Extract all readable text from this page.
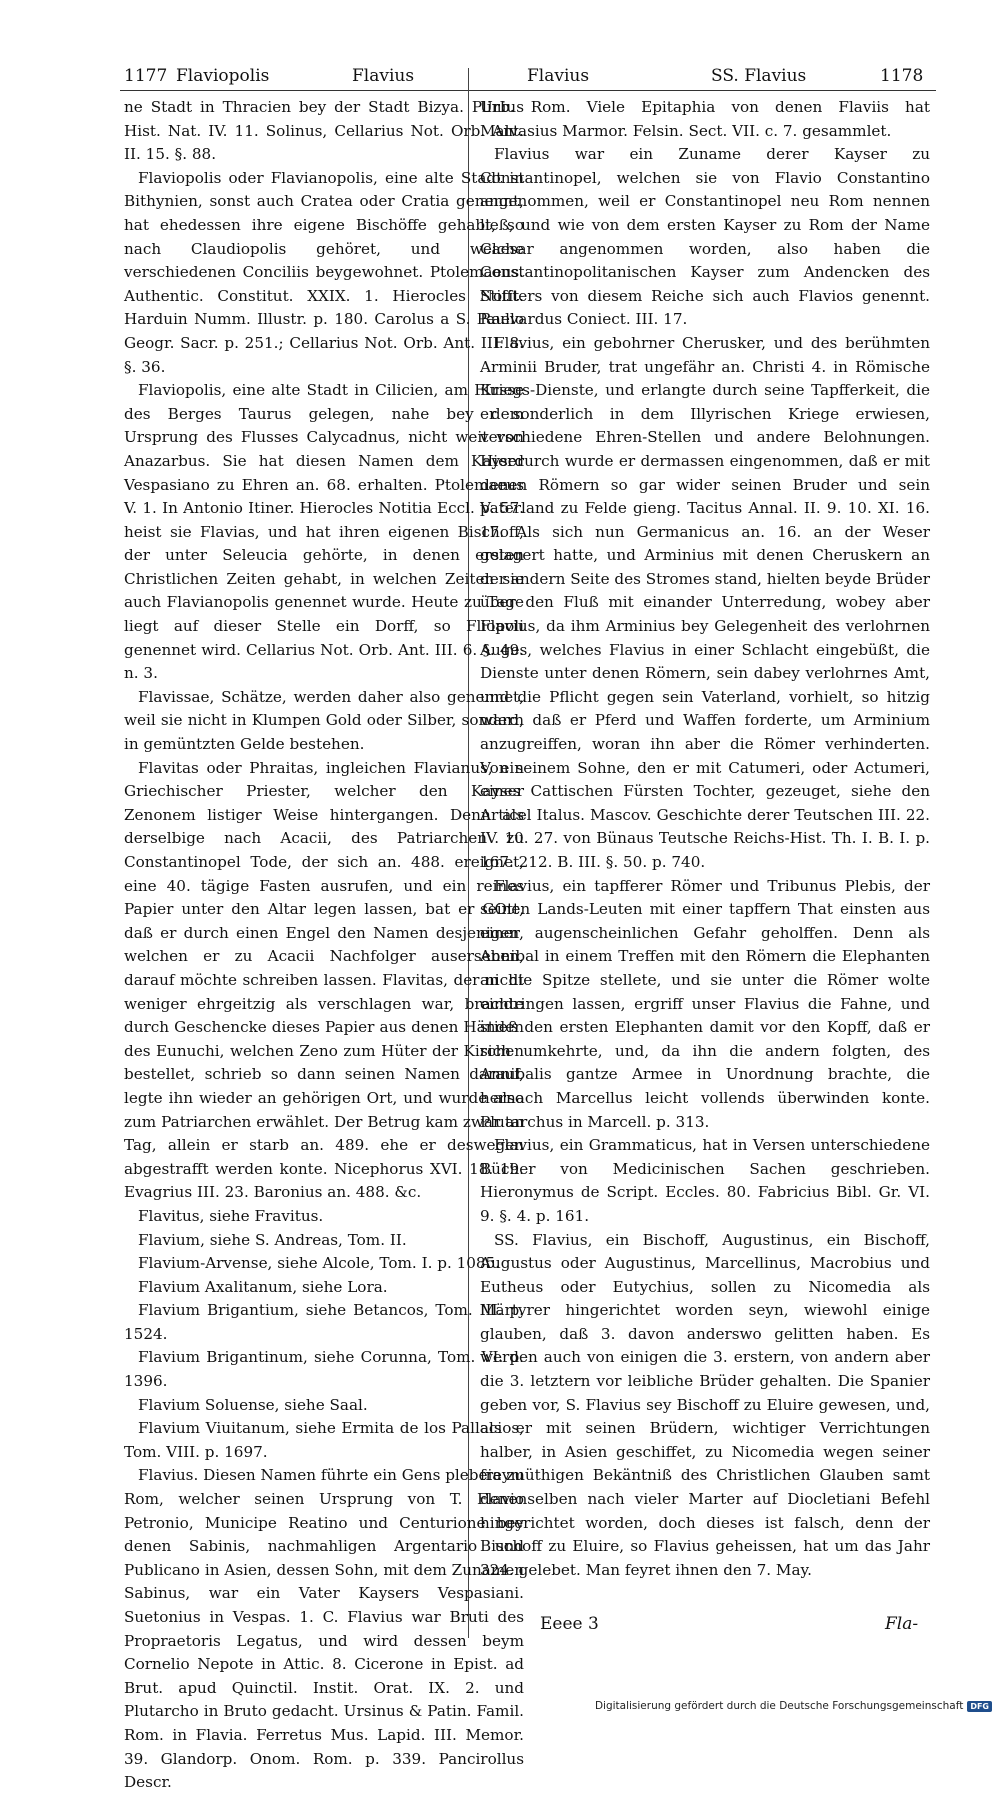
1177 Flaviopolis	Flavius	Flavius	SS. Flavius	1178

ne Stadt in Thracien bey der Stadt Bizya. Plinius Hist. Nat. IV. 11. Solinus, Cellarius Not. Orb. Ant. II. 15. §. 88.

Flaviopolis oder Flavianopolis, eine alte Stadt in Bithynien, sonst auch Cratea oder Cratia genennt, hat ehedessen ihre eigene Bischöffe gehabt, so nach Claudiopolis gehöret, und welche verschiedenen Conciliis beygewohnet. Ptolemaeus. Authentic. Constitut. XXIX. 1. Hierocles Notit. Harduin Numm. Illustr. p. 180. Carolus a S. Paullo Geogr. Sacr. p. 251.; Cellarius Not. Orb. Ant. III. 8. §. 36.

Flaviopolis, eine alte Stadt in Cilicien, am Flusse des Berges Taurus gelegen, nahe bey dem Ursprung des Flusses Calycadnus, nicht weit von Anazarbus. Sie hat diesen Namen dem Kayser Vespasiano zu Ehren an. 68. erhalten. Ptolemaeus V. 1. In Antonio Itiner. Hierocles Notitia Eccl. p. 57. heist sie Flavias, und hat ihren eigenen Bischoff, der unter Seleucia gehörte, in denen ersten Christlichen Zeiten gehabt, in welchen Zeiten sie auch Flavianopolis genennet wurde. Heute zu Tage liegt auf dieser Stelle ein Dorff, so Fliopoli genennet wird. Cellarius Not. Orb. Ant. III. 6. §. 49. n. 3.

Flavissae, Schätze, werden daher also genennet, weil sie nicht in Klumpen Gold oder Silber, sondern in gemüntzten Gelde bestehen.

Flavitas oder Phraitas, ingleichen Flavianus, ein Griechischer Priester, welcher den Kayser Zenonem listiger Weise hintergangen. Denn als derselbige nach Acacii, des Patriarchen zu Constantinopel Tode, der sich an. 488. ereignet, eine 40. tägige Fasten ausrufen, und ein reines Papier unter den Altar legen lassen, bat er GOtt, daß er durch einen Engel den Namen desjenigen, welchen er zu Acacii Nachfolger auserseben, darauf möchte schreiben lassen. Flavitas, der nicht weniger ehrgeitzig als verschlagen war, brachte durch Geschencke dieses Papier aus denen Händen des Eunuchi, welchen Zeno zum Hüter der Kirchen bestellet, schrieb so dann seinen Namen darauf, legte ihn wieder an gehörigen Ort, und wurde also zum Patriarchen erwählet. Der Betrug kam zwar an Tag, allein er starb an. 489. ehe er deswegen abgestrafft werden konte. Nicephorus XVI. 18. 19. Evagrius III. 23. Baronius an. 488. &c.

Flavitus, siehe Fravitus.

Flavium, siehe S. Andreas, Tom. II.

Flavium-Arvense, siehe Alcole, Tom. I. p. 1085.

Flavium Axalitanum, siehe Lora.

Flavium Brigantium, siehe Betancos, Tom. III. p. 1524.

Flavium Brigantinum, siehe Corunna, Tom. VI. p. 1396.

Flavium Soluense, siehe Saal.

Flavium Viuitanum, siehe Ermita de los Pallacios, Tom. VIII. p. 1697.

Flavius. Diesen Namen führte ein Gens plebeia zu Rom, welcher seinen Ursprung von T. Flavio Petronio, Municipe Reatino und Centurione bey denen Sabinis, nachmahligen Argentario und Publicano in Asien, dessen Sohn, mit dem Zunamen Sabinus, war ein Vater Kaysers Vespasiani. Suetonius in Vespas. 1. C. Flavius war Bruti des Propraetoris Legatus, und wird dessen beym Cornelio Nepote in Attic. 8. Cicerone in Epist. ad Brut. apud Quinctil. Instit. Orat. IX. 2. und Plutarcho in Bruto gedacht. Ursinus & Patin. Famil. Rom. in Flavia. Ferretus Mus. Lapid. III. Memor. 39. Glandorp. Onom. Rom. p. 339. Pancirollus Descr.

Urb. Rom. Viele Epitaphia von denen Flaviis hat Malvasius Marmor. Felsin. Sect. VII. c. 7. gesammlet.

Flavius war ein Zuname derer Kayser zu Constantinopel, welchen sie von Flavio Constantino angenommen, weil er Constantinopel neu Rom nennen ließ, und wie von dem ersten Kayser zu Rom der Name Caesar angenommen worden, also haben die Constantinopolitanischen Kayser zum Andencken des Stiffters von diesem Reiche sich auch Flavios genennt. Raevardus Coniect. III. 17.

Flavius, ein gebohrner Cherusker, und des berühmten Arminii Bruder, trat ungefähr an. Christi 4. in Römische Kriegs-Dienste, und erlangte durch seine Tapfferkeit, die er sonderlich in dem Illyrischen Kriege erwiesen, verschiedene Ehren-Stellen und andere Belohnungen. Hierdurch wurde er dermassen eingenommen, daß er mit denen Römern so gar wider seinen Bruder und sein Vaterland zu Felde gieng. Tacitus Annal. II. 9. 10. XI. 16. 17. Als sich nun Germanicus an. 16. an der Weser gelagert hatte, und Arminius mit denen Cheruskern an der andern Seite des Stromes stand, hielten beyde Brüder über den Fluß mit einander Unterredung, wobey aber Flavius, da ihm Arminius bey Gelegenheit des verlohrnen Auges, welches Flavius in einer Schlacht eingebüßt, die Dienste unter denen Römern, sein dabey verlohrnes Amt, und die Pflicht gegen sein Vaterland, vorhielt, so hitzig ward, daß er Pferd und Waffen forderte, um Arminium anzugreiffen, woran ihn aber die Römer verhinderten. Von seinem Sohne, den er mit Catumeri, oder Actumeri, eines Cattischen Fürsten Tochter, gezeuget, siehe den Articel Italus. Mascov. Geschichte derer Teutschen III. 22. IV. 10. 27. von Bünaus Teutsche Reichs-Hist. Th. I. B. I. p. 167. 212. B. III. §. 50. p. 740.

Flavius, ein tapfferer Römer und Tribunus Plebis, der seinen Lands-Leuten mit einer tapffern That einsten aus einer augenscheinlichen Gefahr geholffen. Denn als Annibal in einem Treffen mit den Römern die Elephanten an die Spitze stellete, und sie unter die Römer wolte eindringen lassen, ergriff unser Flavius die Fahne, und stieß den ersten Elephanten damit vor den Kopff, daß er sich umkehrte, und, da ihn die andern folgten, des Annibalis gantze Armee in Unordnung brachte, die hernach Marcellus leicht vollends überwinden konte. Plutarchus in Marcell. p. 313.

Flavius, ein Grammaticus, hat in Versen unterschiedene Bücher von Medicinischen Sachen geschrieben. Hieronymus de Script. Eccles. 80. Fabricius Bibl. Gr. VI. 9. §. 4. p. 161.

SS. Flavius, ein Bischoff, Augustinus, ein Bischoff, Augustus oder Augustinus, Marcellinus, Macrobius und Eutheus oder Eutychius, sollen zu Nicomedia als Märtyrer hingerichtet worden seyn, wiewohl einige glauben, daß 3. davon anderswo gelitten haben. Es werden auch von einigen die 3. erstern, von andern aber die 3. letztern vor leibliche Brüder gehalten. Die Spanier geben vor, S. Flavius sey Bischoff zu Eluire gewesen, und, als er mit seinen Brüdern, wichtiger Verrichtungen halber, in Asien geschiffet, zu Nicomedia wegen seiner freymüthigen Bekäntniß des Christlichen Glauben samt denenselben nach vieler Marter auf Diocletiani Befehl hingerichtet worden, doch dieses ist falsch, denn der Bischoff zu Eluire, so Flavius geheissen, hat um das Jahr 324. gelebet. Man feyret ihnen den 7. May.

Eeee 3	Fla-
Digitalisierung gefördert durch die Deutsche Forschungsgemeinschaft DFG
